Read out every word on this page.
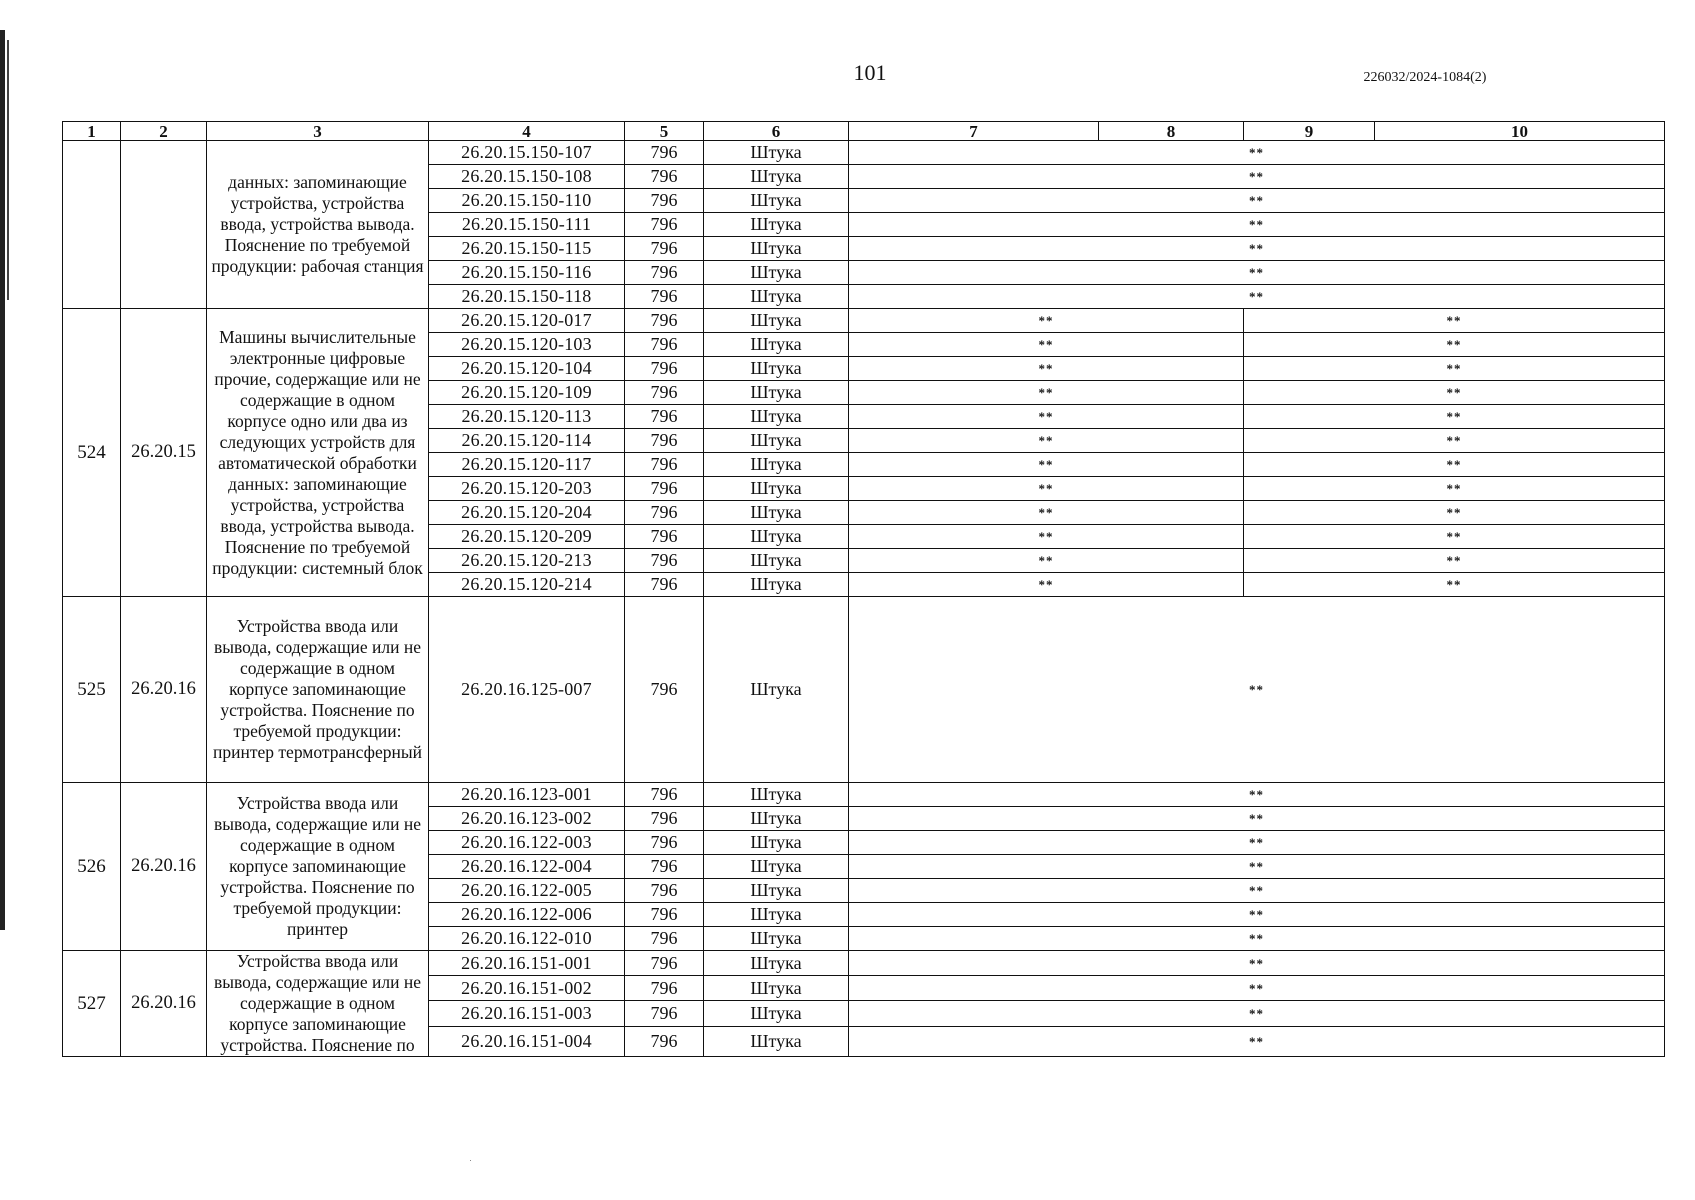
101	226032/2024-1084(2)
1	2	3	4	5	6	7	8	9	10
		данных: запоминающие устройства, устройства ввода, устройства вывода. Пояснение по требуемой продукции: рабочая станция	26.20.15.150-107	796	Штука	**			
			26.20.15.150-108	796	Штука	**			
			26.20.15.150-110	796	Штука	**			
			26.20.15.150-111	796	Штука	**			
			26.20.15.150-115	796	Штука	**			
			26.20.15.150-116	796	Штука	**			
			26.20.15.150-118	796	Штука	**			
524	26.20.15	Машины вычислительные электронные цифровые прочие, содержащие или не содержащие в одном корпусе одно или два из следующих устройств для автоматической обработки данных: запоминающие устройства, устройства ввода, устройства вывода. Пояснение по требуемой продукции: системный блок	26.20.15.120-017	796	Штука	**		**	
			26.20.15.120-103	796	Штука	**		**	
			26.20.15.120-104	796	Штука	**		**	
			26.20.15.120-109	796	Штука	**		**	
			26.20.15.120-113	796	Штука	**		**	
			26.20.15.120-114	796	Штука	**		**	
			26.20.15.120-117	796	Штука	**		**	
			26.20.15.120-203	796	Штука	**		**	
			26.20.15.120-204	796	Штука	**		**	
			26.20.15.120-209	796	Штука	**		**	
			26.20.15.120-213	796	Штука	**		**	
			26.20.15.120-214	796	Штука	**		**	
525	26.20.16	Устройства ввода или вывода, содержащие или не содержащие в одном корпусе запоминающие устройства. Пояснение по требуемой продукции: принтер термотрансферный	26.20.16.125-007	796	Штука	**			
526	26.20.16	Устройства ввода или вывода, содержащие или не содержащие в одном корпусе запоминающие устройства. Пояснение по требуемой продукции: принтер	26.20.16.123-001	796	Штука	**			
			26.20.16.123-002	796	Штука	**			
			26.20.16.122-003	796	Штука	**			
			26.20.16.122-004	796	Штука	**			
			26.20.16.122-005	796	Штука	**			
			26.20.16.122-006	796	Штука	**			
			26.20.16.122-010	796	Штука	**			
527	26.20.16	Устройства ввода или вывода, содержащие или не содержащие в одном корпусе запоминающие устройства. Пояснение по	26.20.16.151-001	796	Штука	**			
			26.20.16.151-002	796	Штука	**			
			26.20.16.151-003	796	Штука	**			
			26.20.16.151-004	796	Штука	**			
